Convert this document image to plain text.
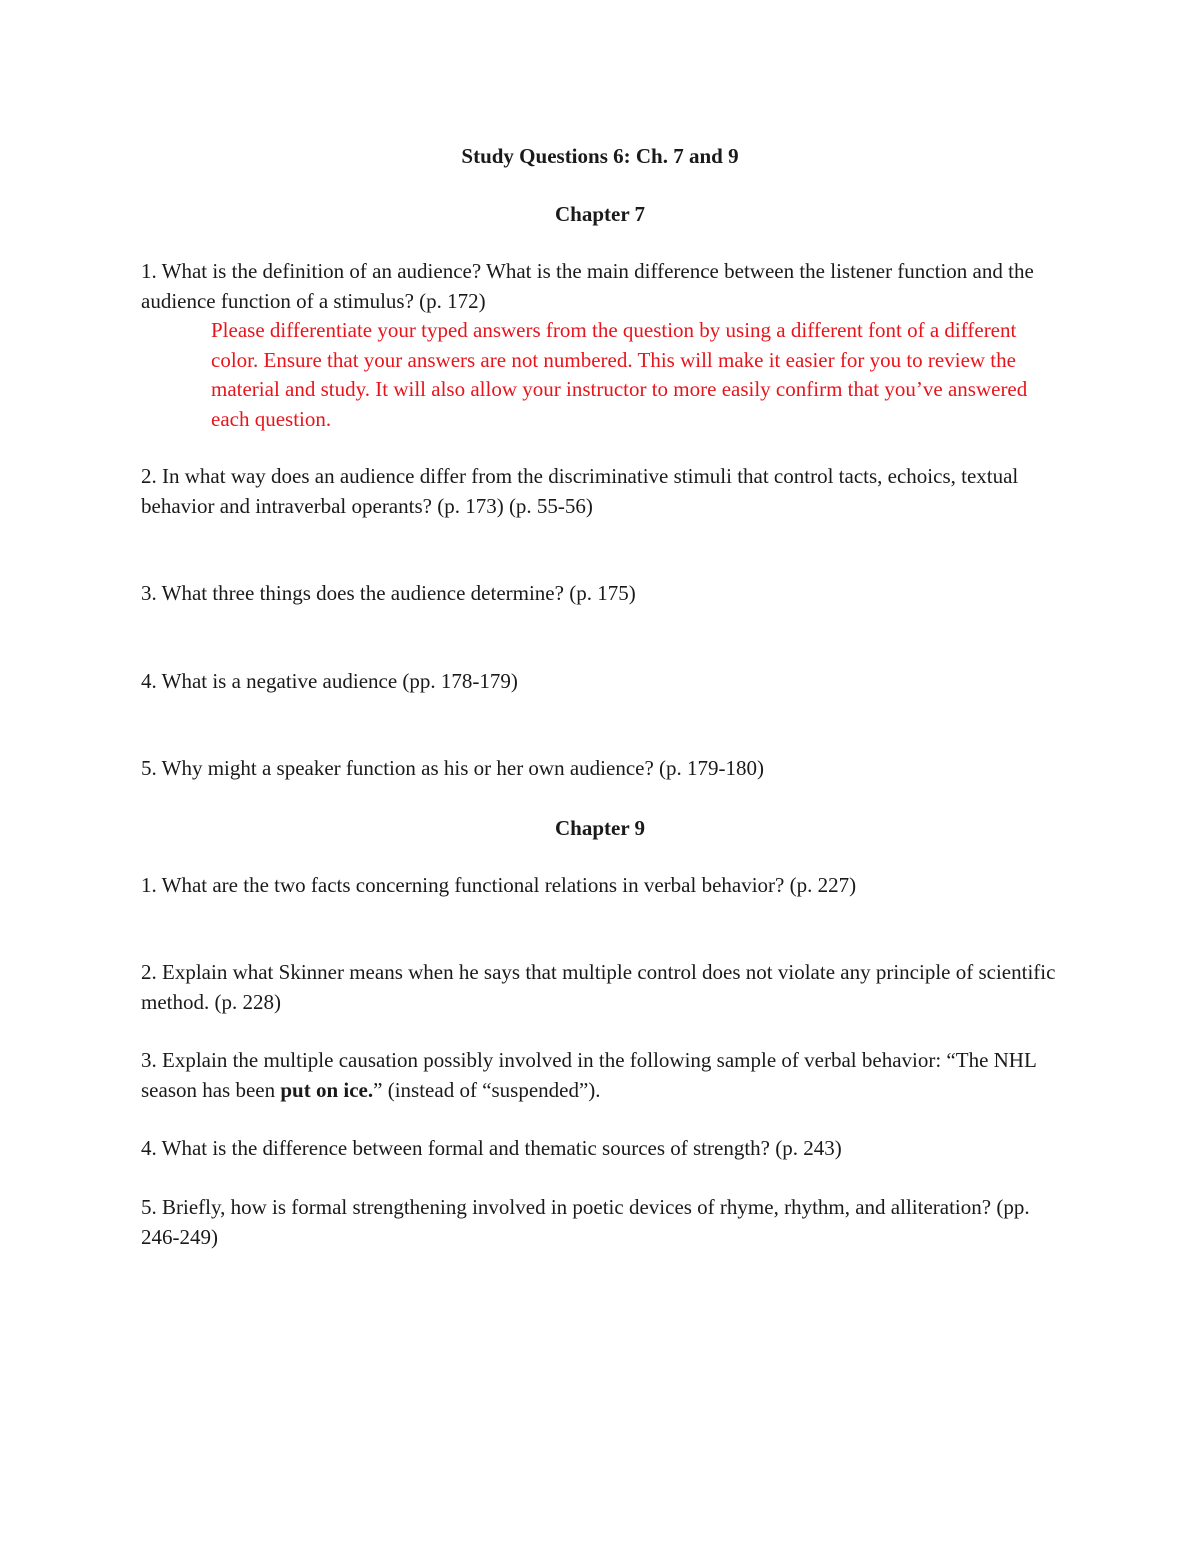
Study Questions 6: Ch. 7 and 9
Chapter 7

1. What is the definition of an audience? What is the main difference between the listener function and the audience function of a stimulus? (p. 172)

Please differentiate your typed answers from the question by using a different font of a different color. Ensure that your answers are not numbered. This will make it easier for you to review the material and study. It will also allow your instructor to more easily confirm that you’ve answered each question.

2. In what way does an audience differ from the discriminative stimuli that control tacts, echoics, textual behavior and intraverbal operants? (p. 173) (p. 55-56)

3. What three things does the audience determine? (p. 175)

4. What is a negative audience (pp. 178-179)

5. Why might a speaker function as his or her own audience? (p. 179-180)

Chapter 9

1. What are the two facts concerning functional relations in verbal behavior? (p. 227)

2. Explain what Skinner means when he says that multiple control does not violate any principle of scientific method. (p. 228)

3. Explain the multiple causation possibly involved in the following sample of verbal behavior: “The NHL season has been put on ice.” (instead of “suspended”).

4. What is the difference between formal and thematic sources of strength? (p. 243)

5. Briefly, how is formal strengthening involved in poetic devices of rhyme, rhythm, and alliteration? (pp. 246-249)
